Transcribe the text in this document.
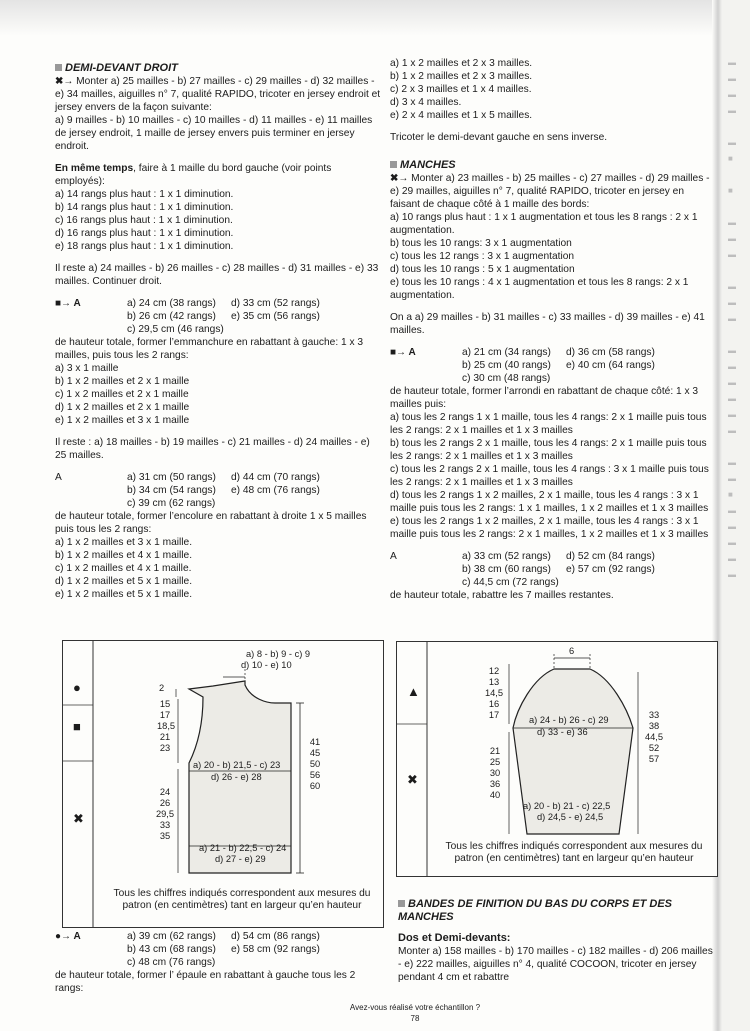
▬
▬
▬
▬

▬
■

■

▬
▬
▬

▬
▬
▬

▬
▬
▬
▬
▬
▬

▬
▬
■
▬
▬
▬
▬
▬

DEMI-DEVANT DROIT

✖→ Monter a) 25 mailles - b) 27 mailles - c) 29 mailles - d) 32 mailles - e) 34 mailles, aiguilles n° 7, qualité RAPIDO, tricoter en jersey endroit et jersey envers de la façon suivante:

a) 9 mailles - b) 10 mailles - c) 10 mailles - d) 11 mailles - e) 11 mailles de jersey endroit, 1 maille de jersey envers puis terminer en jersey endroit.

En même temps, faire à 1 maille du bord gauche (voir points employés):

a) 14 rangs plus haut : 1 x 1 diminution.

b) 14 rangs plus haut : 1 x 1 diminution.

c) 16 rangs plus haut : 1 x 1 diminution.

d) 16 rangs plus haut : 1 x 1 diminution.

e) 18 rangs plus haut : 1 x 1 diminution.

Il reste a) 24 mailles - b) 26 mailles - c) 28 mailles - d) 31 mailles - e) 33 mailles. Continuer droit.

■→ A	a) 24 cm (38 rangs)	d) 33 cm (52 rangs)
b) 26 cm (42 rangs)	e) 35 cm (56 rangs)
c) 29,5 cm (46 rangs)

de hauteur totale, former l’emmanchure en rabattant à gauche: 1 x 3 mailles, puis tous les 2 rangs:

a) 3 x 1 maille

b) 1 x 2 mailles et 2 x 1 maille

c) 1 x 2 mailles et 2 x 1 maille

d) 1 x 2 mailles et 2 x 1 maille

e) 1 x 2 mailles et 3 x 1 maille

Il reste : a) 18 mailles - b) 19 mailles - c) 21 mailles - d) 24 mailles - e) 25 mailles.

A	a) 31 cm (50 rangs)	d) 44 cm (70 rangs)
b) 34 cm (54 rangs)	e) 48 cm (76 rangs)
c) 39 cm (62 rangs)

de hauteur totale, former l’encolure en rabattant à droite 1 x 5 mailles puis tous les 2 rangs:

a) 1 x 2 mailles et 3 x 1 maille.

b) 1 x 2 mailles et 4 x 1 maille.

c) 1 x 2 mailles et 4 x 1 maille.

d) 1 x 2 mailles et 5 x 1 maille.

e) 1 x 2 mailles et 5 x 1 maille.

●
■
✖
a) 8 - b) 9 - c) 9
d) 10 - e) 10
2
15
17
18,5
21
23
24
26
29,5
33
35
41
45
50
56
60
a) 20 - b) 21,5 - c) 23
d) 26 - e) 28
a) 21 - b) 22,5 - c) 24
d) 27 - e) 29
Tous les chiffres indiqués correspondent aux mesures du patron (en centimètres) tant en largeur qu’en hauteur
●→ A	a) 39 cm (62 rangs)	d) 54 cm (86 rangs)
b) 43 cm (68 rangs)	e) 58 cm (92 rangs)
c) 48 cm (76 rangs)

de hauteur totale, former l’ épaule en rabattant à gauche tous les 2 rangs:

a) 1 x 2 mailles et 2 x 3 mailles.

b) 1 x 2 mailles et 2 x 3 mailles.

c) 2 x 3 mailles et 1 x 4 mailles.

d) 3 x 4 mailles.

e) 2 x 4 mailles et 1 x 5 mailles.

Tricoter le demi-devant gauche en sens inverse.

MANCHES

✖→ Monter a) 23 mailles - b) 25 mailles - c) 27 mailles - d) 29 mailles - e) 29 mailles, aiguilles n° 7, qualité RAPIDO, tricoter en jersey en faisant de chaque côté à 1 maille des bords:

a) 10 rangs plus haut : 1 x 1 augmentation et tous les 8 rangs : 2 x 1 augmentation.

b) tous les 10 rangs: 3 x 1 augmentation

c) tous les 12 rangs : 3 x 1 augmentation

d) tous les 10 rangs : 5 x 1 augmentation

e) tous les 10 rangs : 4 x 1 augmentation et tous les 8 rangs: 2 x 1 augmentation.

On a a) 29 mailles - b) 31 mailles - c) 33 mailles - d) 39 mailles - e) 41 mailles.

■→ A	a) 21 cm (34 rangs)	d) 36 cm (58 rangs)
b) 25 cm (40 rangs)	e) 40 cm (64 rangs)
c) 30 cm (48 rangs)

de hauteur totale, former l’arrondi en rabattant de chaque côté: 1 x 3 mailles puis:

a) tous les 2 rangs 1 x 1 maille, tous les 4 rangs: 2 x 1 maille puis tous les 2 rangs: 2 x 1 mailles et 1 x 3 mailles

b) tous les 2 rangs 2 x 1 maille, tous les 4 rangs: 2 x 1 maille puis tous les 2 rangs: 2 x 1 mailles et 1 x 3 mailles

c) tous les 2 rangs 2 x 1 maille, tous les 4 rangs : 3 x 1 maille puis tous les 2 rangs: 2 x 1 mailles et 1 x 3 mailles

d) tous les 2 rangs 1 x 2 mailles, 2 x 1 maille, tous les 4 rangs : 3 x 1 maille puis tous les 2 rangs: 1 x 1 mailles, 1 x 2 mailles et 1 x 3 mailles

e) tous les 2 rangs 1 x 2 mailles, 2 x 1 maille, tous les 4 rangs : 3 x 1 maille puis tous les 2 rangs: 2 x 1 mailles, 1 x 2 mailles et 1 x 3 mailles

A	a) 33 cm (52 rangs)	d) 52 cm (84 rangs)
b) 38 cm (60 rangs)	e) 57 cm (92 rangs)
c) 44,5 cm (72 rangs)

de hauteur totale, rabattre les 7 mailles restantes.

▲
✖
6
12
13
14,5
16
17
21
25
30
36
40
33
38
44,5
52
57
a) 24 - b) 26 - c) 29
d) 33 - e) 36
a) 20 - b) 21 - c) 22,5
d) 24,5 - e) 24,5
Tous les chiffres indiqués correspondent aux mesures du patron (en centimètres) tant en largeur qu’en hauteur

BANDES DE FINITION DU BAS DU CORPS ET DES MANCHES

Dos et Demi-devants:

Monter a) 158 mailles - b) 170 mailles - c) 182 mailles - d) 206 mailles - e) 222 mailles, aiguilles n° 4, qualité COCOON, tricoter en jersey pendant 4 cm et rabattre

Avez-vous réalisé votre échantillon ?
78
